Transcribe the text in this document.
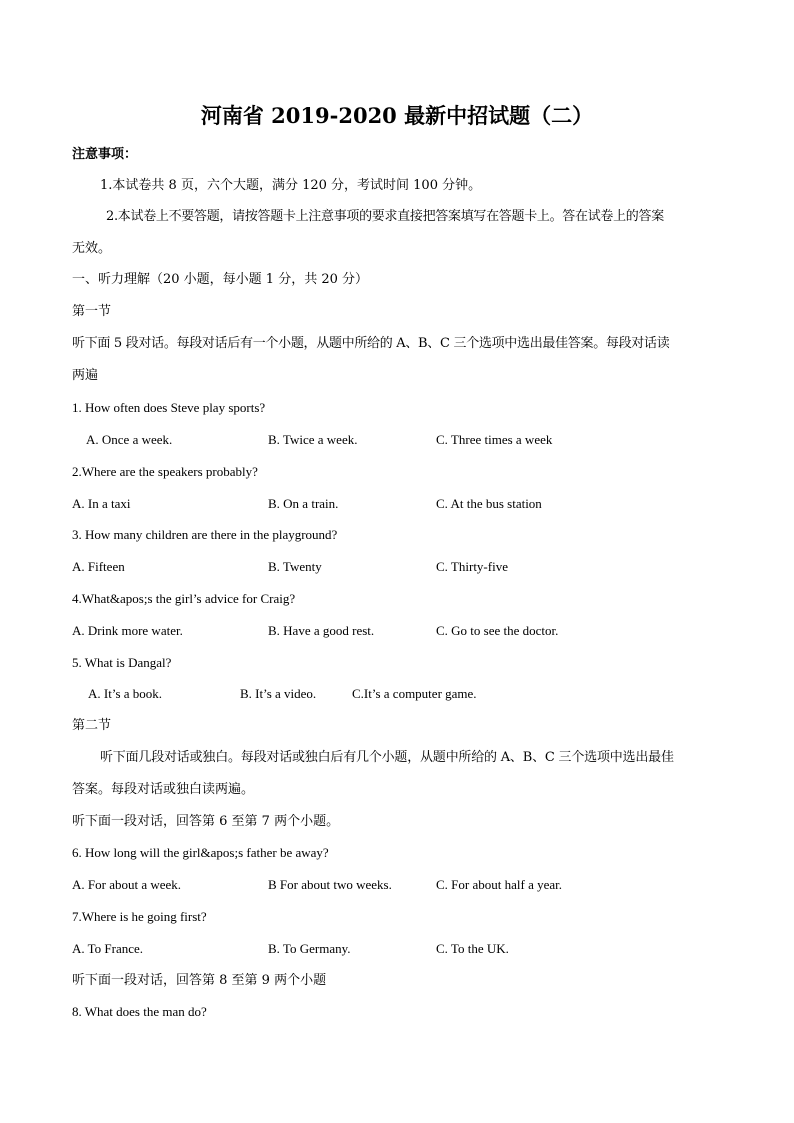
河南省 2019-2020 最新中招试题（二）
注意事项：
1.本试卷共 8 页，六个大题，满分 120 分，考试时间 100 分钟。
2.本试卷上不要答题，请按答题卡上注意事项的要求直接把答案填写在答题卡上。答在试卷上的答案
无效。
一、听力理解（20 小题，每小题 1 分，共 20 分）
第一节
听下面 5 段对话。每段对话后有一个小题，从题中所给的 A、B、C 三个选项中选出最佳答案。每段对话读
两遍
1. How often does Steve play sports?
A. Once a week.	B. Twice a week.	C. Three times a week
2.Where are the speakers probably?
A. In a taxi	B. On a train.	C. At the bus station
3. How many children are there in the playground?
A. Fifteen	B. Twenty	C. Thirty-five
4.What&apos;s the girl’s advice for Craig?
A. Drink more water.	B. Have a good rest.	C. Go to see the doctor.
5. What is Dangal?
A. It’s a book.	B. It’s a video.	C.It’s a computer game.
第二节
听下面几段对话或独白。每段对话或独白后有几个小题，从题中所给的 A、B、C 三个选项中选出最佳
答案。每段对话或独白读两遍。
听下面一段对话，回答第 6 至第 7 两个小题。
6. How long will the girl&apos;s father be away?
A. For about a week.	B For about two weeks.	C. For about half a year.
7.Where is he going first?
A. To France.	B. To Germany.	C. To the UK.
听下面一段对话，回答第 8 至第 9 两个小题
8. What does the man do?
